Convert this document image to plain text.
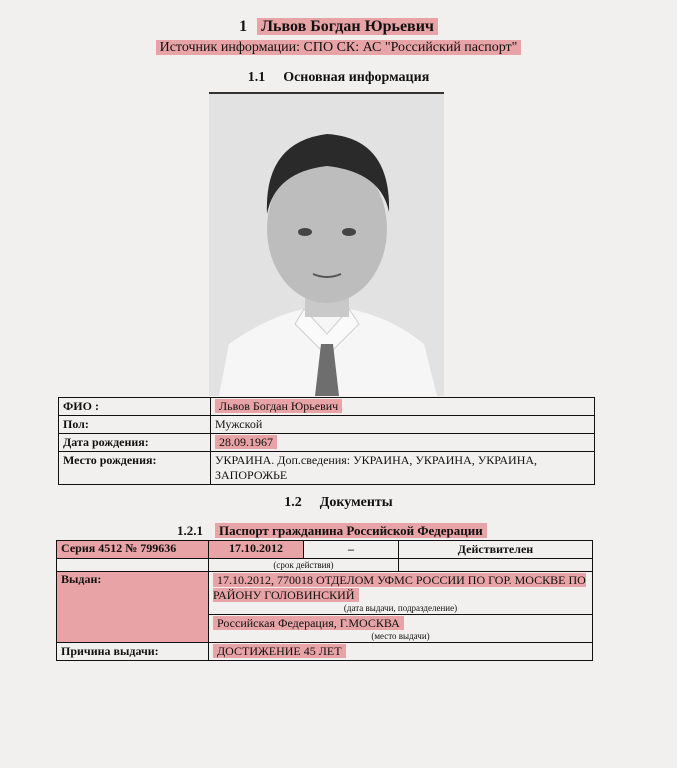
1 Львов Богдан Юрьевич
Источник информации: СПО СК: АС "Российский паспорт"
1.1 Основная информация
ФИО :	Львов Богдан Юрьевич
Пол:	Мужской
Дата рождения:	28.09.1967
Место рождения:	УКРАИНА. Доп.сведения: УКРАИНА, УКРАИНА, УКРАИНА, ЗАПОРОЖЬЕ
1.2 Документы
1.2.1 Паспорт гражданина Российской Федерации
Серия 4512 № 799636	17.10.2012	–	Действителен
	(срок действия)		
Выдан:	17.10.2012, 770018 ОТДЕЛОМ УФМС РОССИИ ПО ГОР. МОСКВЕ ПО РАЙОНУ ГОЛОВИНСКИЙ
(дата выдачи, подразделение)		

	Российская Федерация, Г.МОСКВА
(место выдачи)		

Причина выдачи:	ДОСТИЖЕНИЕ 45 ЛЕТ		
